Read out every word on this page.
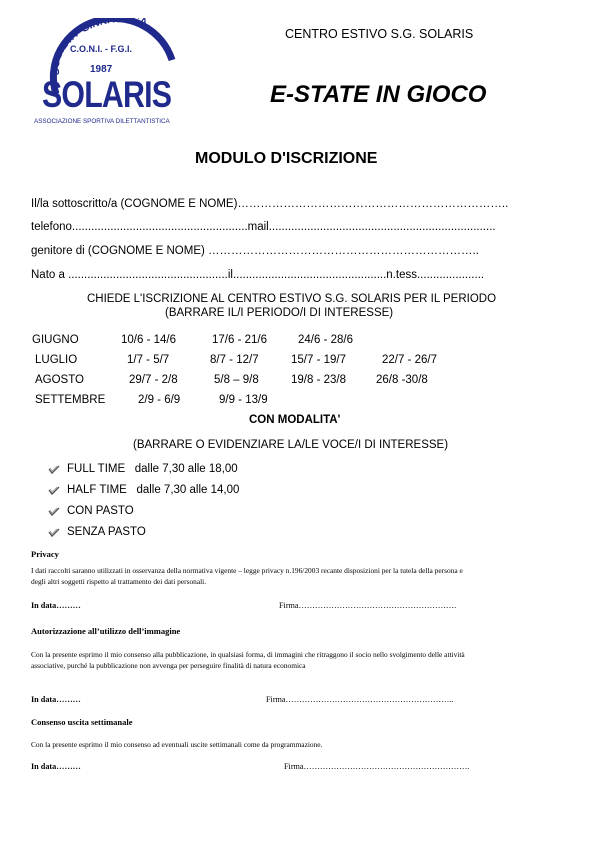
SOCIETA' GINNASTICA
C.O.N.I. - F.G.I.
1987
SOLARIS
ASSOCIAZIONE SPORTIVA DILETTANTISTICA
CENTRO ESTIVO S.G. SOLARIS
E-STATE IN GIOCO
MODULO D'ISCRIZIONE
Il/la sottoscritto/a (COGNOME E NOME)……………………………………………………………..
telefono.......................................................mail.......................................................................
genitore di (COGNOME E NOME) ……………………………………………………………..
Nato a ..................................................il................................................n.tess.....................
CHIEDE L'ISCRIZIONE AL CENTRO ESTIVO S.G. SOLARIS PER IL PERIODO
(BARRARE IL/I PERIODO/I DI INTERESSE)
GIUGNO	10/6 - 14/6	17/6 - 21/6	24/6 - 28/6
LUGLIO	1/7 - 5/7	8/7 - 12/7	15/7 - 19/7	22/7 - 26/7
AGOSTO	29/7 - 2/8	5/8 – 9/8	19/8 - 23/8	26/8 -30/8
SETTEMBRE	2/9 - 6/9	9/9 - 13/9
CON MODALITA'
(BARRARE O EVIDENZIARE LA/LE VOCE/I DI INTERESSE)
FULL TIME   dalle 7,30 alle 18,00
HALF TIME   dalle 7,30 alle 14,00
CON PASTO
SENZA PASTO
Privacy
I dati raccolti saranno utilizzati in osservanza della normativa vigente – legge privacy n.196/2003 recante disposizioni per la tutela della persona e
degli altri soggetti rispetto al trattamento dei dati personali.
In data………	Firma………………………………………………….
Autorizzazione all’utilizzo dell’immagine
Con la presente esprimo il mio consenso alla pubblicazione, in qualsiasi forma, di immagini che ritraggono il socio nello svolgimento delle attività
associative, purché la pubblicazione non avvenga per perseguire finalità di natura economica
In data………	Firma……………………………………………………..
Consenso uscita settimanale
Con la presente esprimo il mio consenso ad eventuali uscite settimanali come da programmazione.
In data………	Firma…………………………………………………….
